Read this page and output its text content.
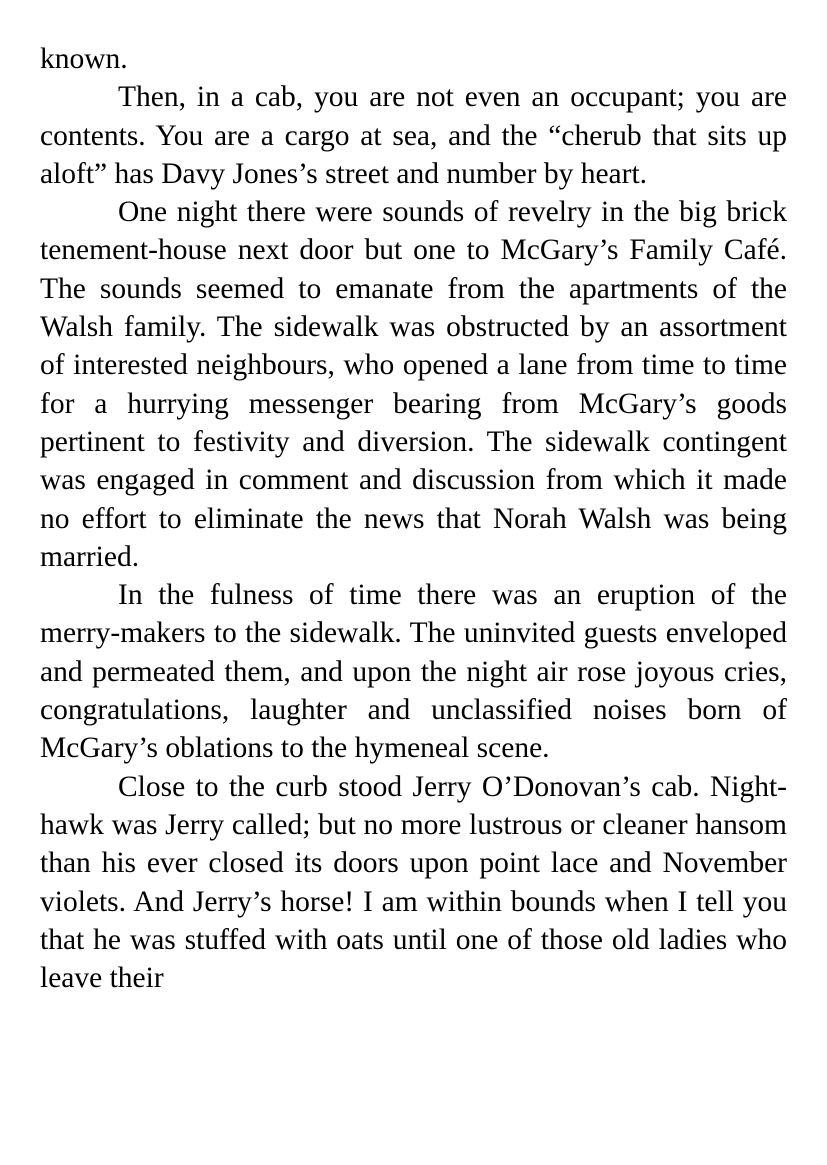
known.

Then, in a cab, you are not even an occupant; you are contents. You are a cargo at sea, and the “cherub that sits up aloft” has Davy Jones’s street and number by heart.

One night there were sounds of revelry in the big brick tenement-house next door but one to McGary’s Family Café. The sounds seemed to emanate from the apartments of the Walsh family. The sidewalk was obstructed by an assortment of interested neighbours, who opened a lane from time to time for a hurrying messenger bearing from McGary’s goods pertinent to festivity and diversion. The sidewalk contingent was engaged in comment and discussion from which it made no effort to eliminate the news that Norah Walsh was being married.

In the fulness of time there was an eruption of the merry-makers to the sidewalk. The uninvited guests enveloped and permeated them, and upon the night air rose joyous cries, congratulations, laughter and unclassified noises born of McGary’s oblations to the hymeneal scene.

Close to the curb stood Jerry O’Donovan’s cab. Night-hawk was Jerry called; but no more lustrous or cleaner hansom than his ever closed its doors upon point lace and November violets. And Jerry’s horse! I am within bounds when I tell you that he was stuffed with oats until one of those old ladies who leave their
